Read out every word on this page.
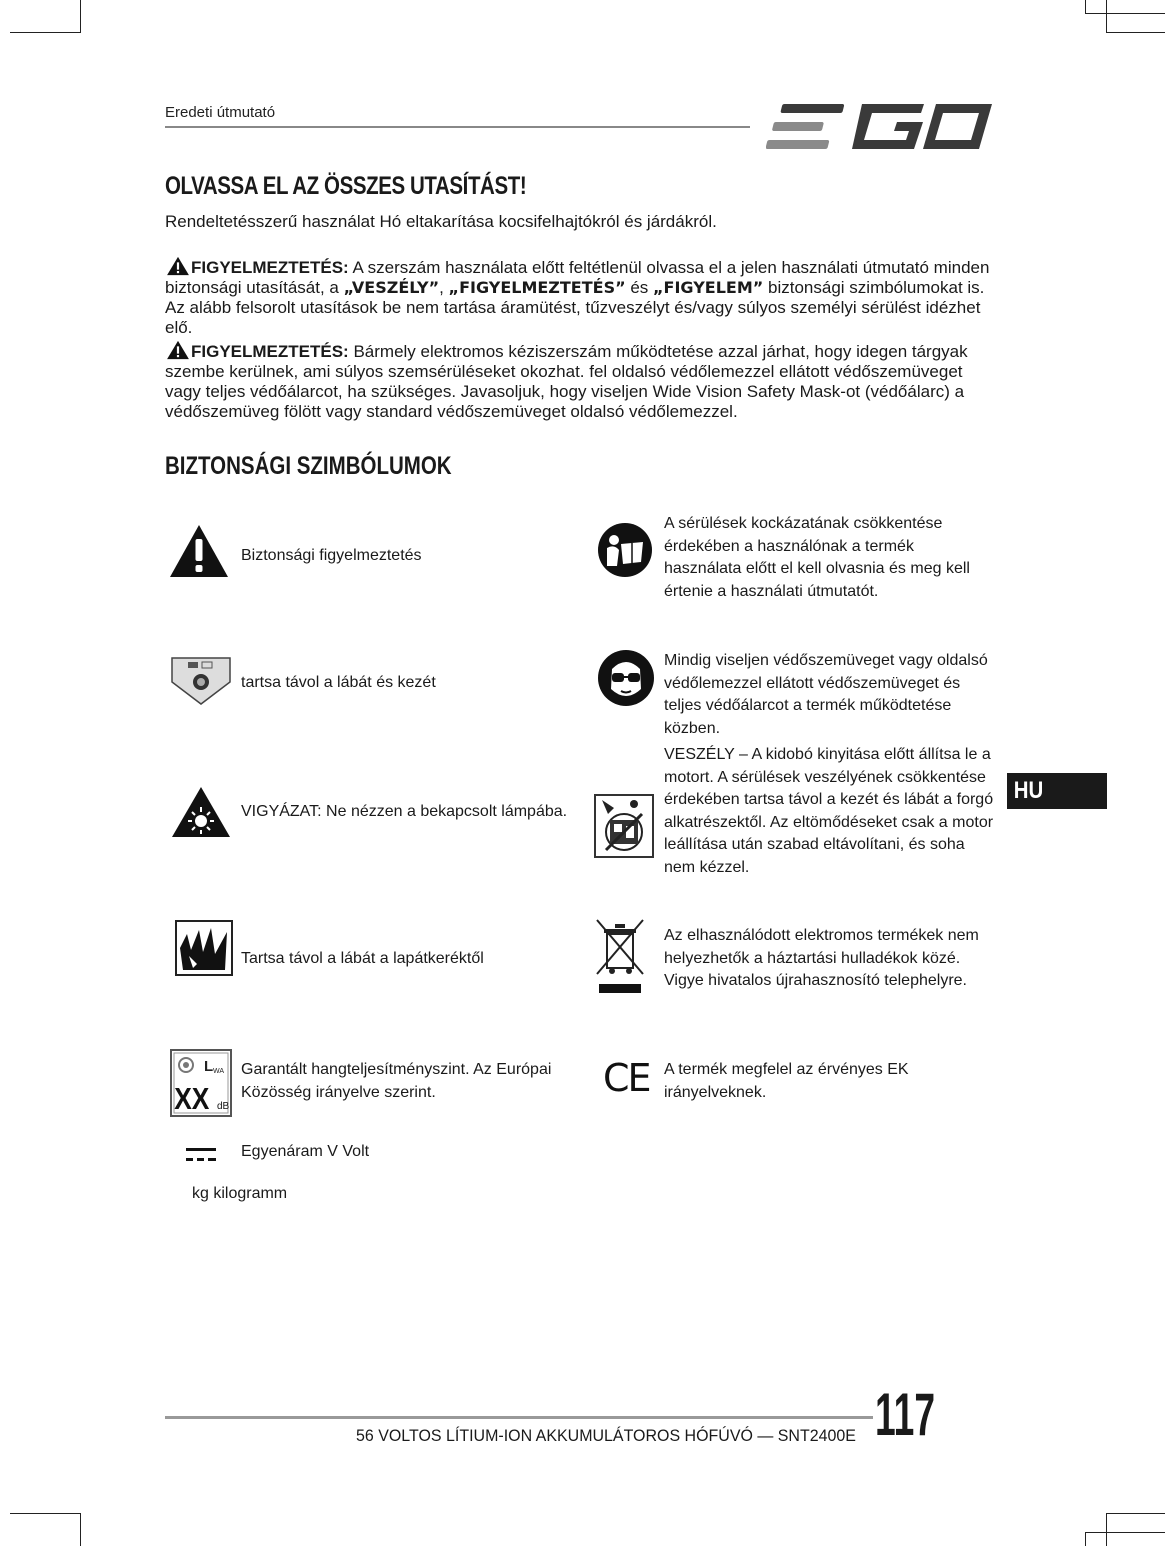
Eredeti útmutató
OLVASSA EL AZ ÖSSZES UTASÍTÁST!
Rendeltetésszerű használat Hó eltakarítása kocsifelhajtókról és járdákról.
FIGYELMEZTETÉS: A szerszám használata előtt feltétlenül olvassa el a jelen használati útmutató minden biztonsági utasítását, a „VESZÉLY”, „FIGYELMEZTETÉS” és „FIGYELEM” biztonsági szimbólumokat is. Az alább felsorolt utasítások be nem tartása áramütést, tűzveszélyt és/vagy súlyos személyi sérülést idézhet elő.
FIGYELMEZTETÉS: Bármely elektromos kéziszerszám működtetése azzal járhat, hogy idegen tárgyak szembe kerülnek, ami súlyos szemsérüléseket okozhat. fel oldalsó védőlemezzel ellátott védőszemüveget vagy teljes védőálarcot, ha szükséges. Javasoljuk, hogy viseljen Wide Vision Safety Mask-ot (védőálarc) a védőszemüveg fölött vagy standard védőszemüveget oldalsó védőlemezzel.
BIZTONSÁGI SZIMBÓLUMOK
Biztonsági figyelmeztetés
tartsa távol a lábát és kezét
VIGYÁZAT: Ne nézzen a bekapcsolt lámpába.
Tartsa távol a lábát a lapátkeréktől
L WA
XX dB
Garantált hangteljesítményszint. Az Európai Közösség irányelve szerint.
Egyenáram V Volt
kg kilogramm
A sérülések kockázatának csökkentése érdekében a használónak a termék használata előtt el kell olvasnia és meg kell értenie a használati útmutatót.
Mindig viseljen védőszemüveget vagy oldalsó védőlemezzel ellátott védőszemüveget és teljes védőálarcot a termék működtetése közben.
VESZÉLY – A kidobó kinyitása előtt állítsa le a motort. A sérülések veszélyének csökkentése érdekében tartsa távol a kezét és lábát a forgó alkatrészektől. Az eltömődéseket csak a motor leállítása után szabad eltávolítani, és soha nem kézzel.
Az elhasználódott elektromos termékek nem helyezhetők a háztartási hulladékok közé. Vigye hivatalos újrahasznosító telephelyre.
CE A termék megfelel az érvényes EK irányelveknek.
HU
56 VOLTOS LÍTIUM-ION AKKUMULÁTOROS HÓFÚVÓ — SNT2400E 117
